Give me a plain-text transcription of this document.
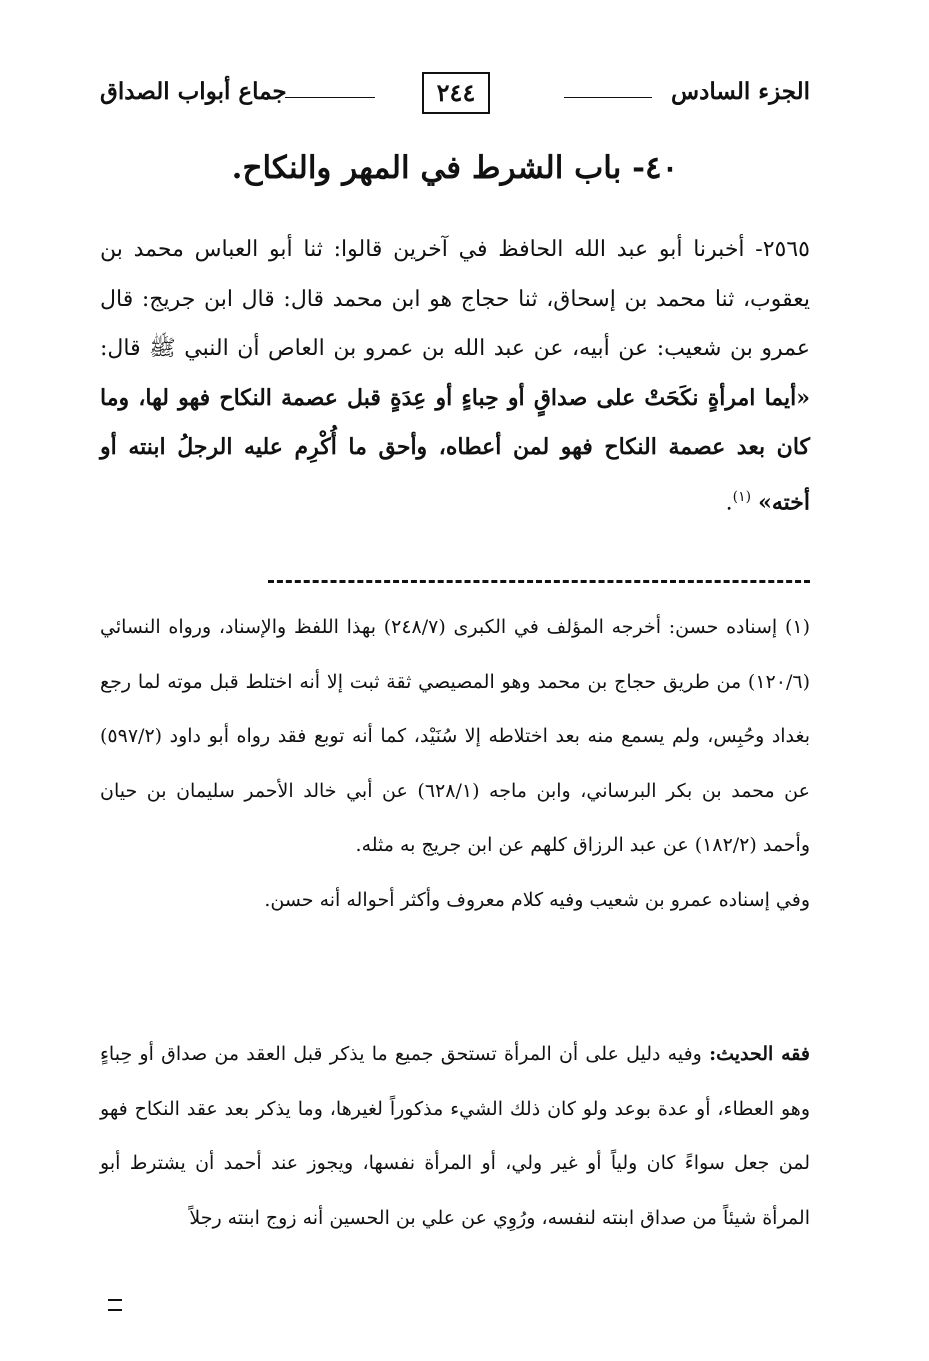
الجزء السادس
٢٤٤
جماع أبواب الصداق
٤٠- باب الشرط في المهر والنكاح.

٢٥٦٥- أخبرنا أبو عبد الله الحافظ في آخرين قالوا: ثنا أبو العباس محمد بن يعقوب، ثنا محمد بن إسحاق، ثنا حجاج هو ابن محمد قال: قال ابن جريج: قال عمرو بن شعيب: عن أبيه، عن عبد الله بن عمرو بن العاص أن النبي ﷺ قال: «أيما امرأةٍ نكَحَتْ على صداقٍ أو حِباءٍ أو عِدَةٍ قبل عصمة النكاح فهو لها، وما كان بعد عصمة النكاح فهو لمن أعطاه، وأحق ما أُكْرِم عليه الرجلُ ابنته أو أخته» $^{(١)}$.

(١) إسناده حسن: أخرجه المؤلف في الكبرى (٢٤٨/٧) بهذا اللفظ والإسناد، ورواه النسائي (١٢٠/٦) من طريق حجاج بن محمد وهو المصيصي ثقة ثبت إلا أنه اختلط قبل موته لما رجع بغداد وحُبِس، ولم يسمع منه بعد اختلاطه إلا سُنَيْد، كما أنه توبع فقد رواه أبو داود (٥٩٧/٢) عن محمد بن بكر البرساني، وابن ماجه (٦٢٨/١) عن أبي خالد الأحمر سليمان بن حيان وأحمد (١٨٢/٢) عن عبد الرزاق كلهم عن ابن جريج به مثله.
وفي إسناده عمرو بن شعيب وفيه كلام معروف وأكثر أحواله أنه حسن.

فقه الحديث: وفيه دليل على أن المرأة تستحق جميع ما يذكر قبل العقد من صداق أو حِباءٍ وهو العطاء، أو عدة بوعد ولو كان ذلك الشيء مذكوراً لغيرها، وما يذكر بعد عقد النكاح فهو لمن جعل سواءً كان ولياً أو غير ولي، أو المرأة نفسها، ويجوز عند أحمد أن يشترط أبو المرأة شيئاً من صداق ابنته لنفسه، ورُوِي عن علي بن الحسين أنه زوج ابنته رجلاً
